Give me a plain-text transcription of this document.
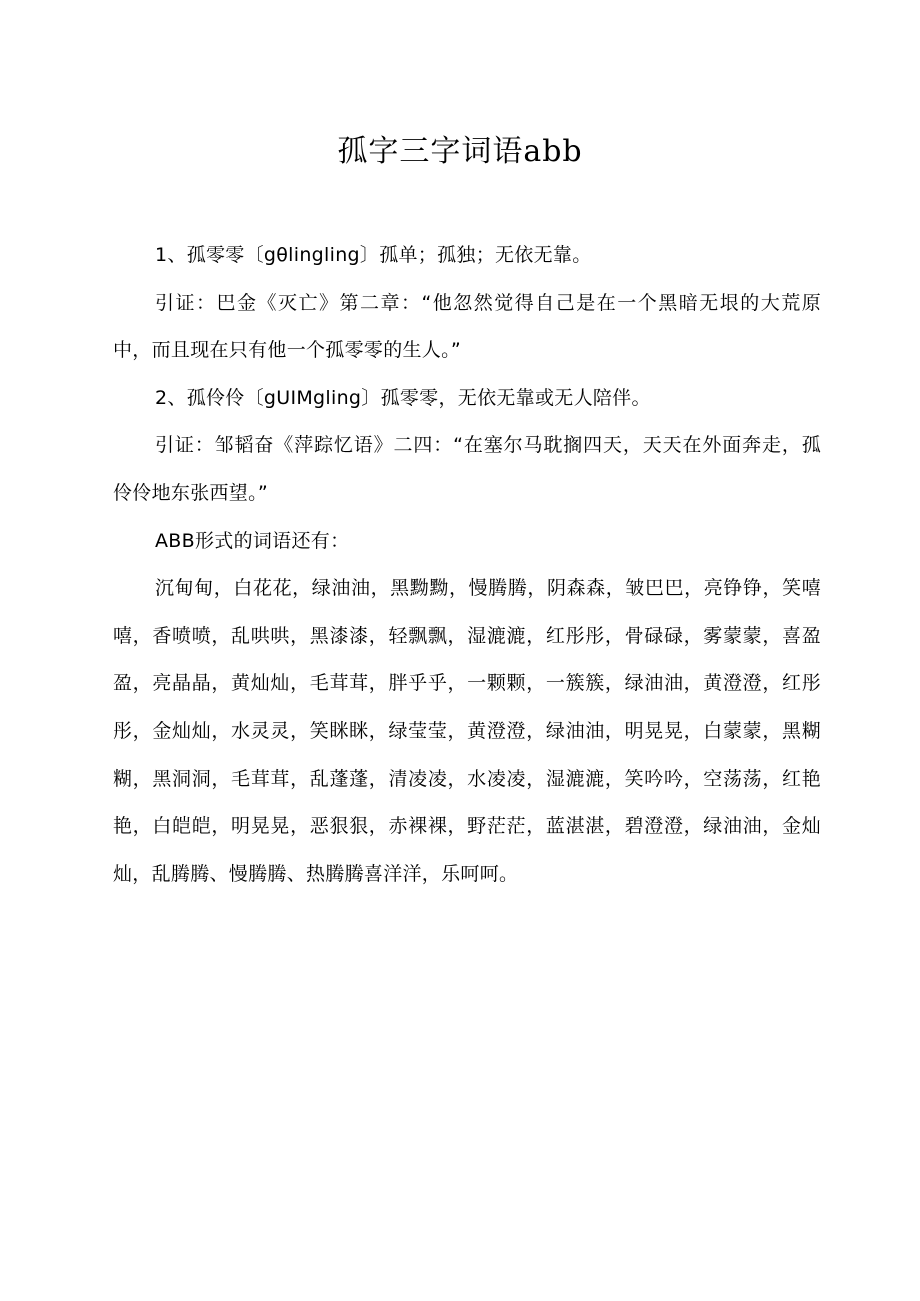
孤字三字词语abb

1、孤零零〔gθlingling〕孤单；孤独；无依无靠。

引证：巴金《灭亡》第二章：“他忽然觉得自己是在一个黑暗无垠的大荒原中，而且现在只有他一个孤零零的生人。”

2、孤伶伶〔gUIMgling〕孤零零，无依无靠或无人陪伴。

引证：邹韬奋《萍踪忆语》二四：“在塞尔马耽搁四天，天天在外面奔走，孤伶伶地东张西望。”

ABB形式的词语还有：

沉甸甸，白花花，绿油油，黑黝黝，慢腾腾，阴森森，皱巴巴，亮铮铮，笑嘻嘻，香喷喷，乱哄哄，黑漆漆，轻飘飘，湿漉漉，红彤彤，骨碌碌，雾蒙蒙，喜盈盈，亮晶晶，黄灿灿，毛茸茸，胖乎乎，一颗颗，一簇簇，绿油油，黄澄澄，红彤彤，金灿灿，水灵灵，笑眯眯，绿莹莹，黄澄澄，绿油油，明晃晃，白蒙蒙，黑糊糊，黑洞洞，毛茸茸，乱蓬蓬，清凌凌，水凌凌，湿漉漉，笑吟吟，空荡荡，红艳艳，白皑皑，明晃晃，恶狠狠，赤裸裸，野茫茫，蓝湛湛，碧澄澄，绿油油，金灿灿，乱腾腾、慢腾腾、热腾腾喜洋洋，乐呵呵。
